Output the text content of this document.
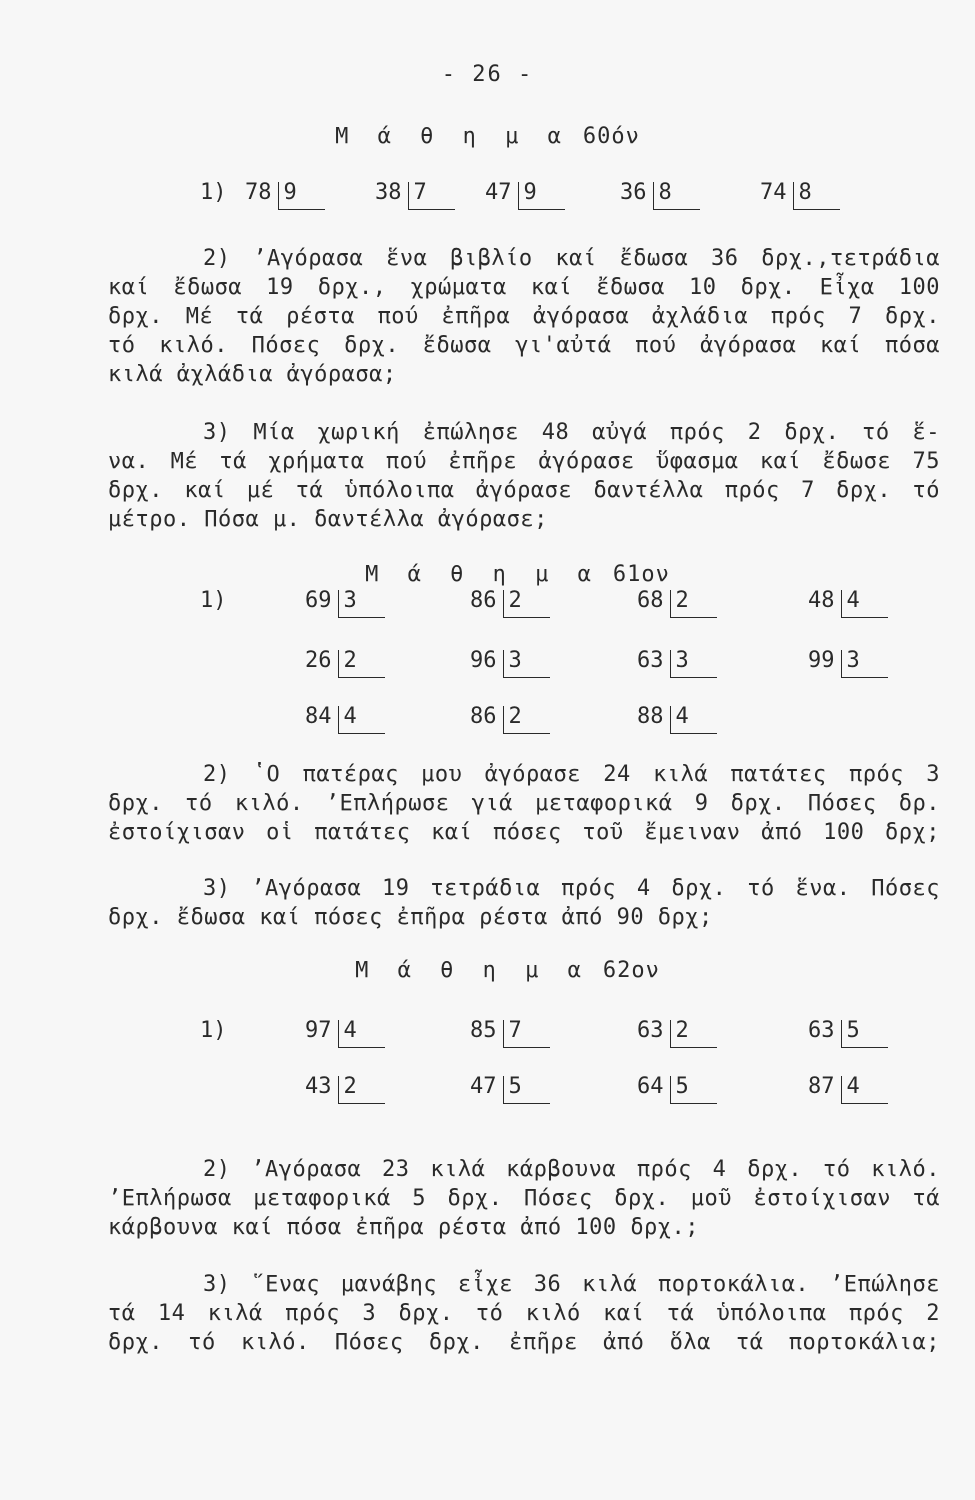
- 26 -
Μ ά θ η μ α 60όν
1) 78 9	38 7	47 9	36 8	74 8
2) ʼΑγόρασα ἕνα βιβλίο καί ἔδωσα 36 δρχ.,τετράδια
καί ἔδωσα 19 δρχ., χρώματα καί ἔδωσα 10 δρχ. Εἶχα 100
δρχ. Μέ τά ρέστα πού ἐπῆρα ἀγόρασα ἀχλάδια πρός 7 δρχ.
τό κιλό. Πόσες δρχ. ἔδωσα γι'αὐτά πού ἀγόρασα καί πόσα
κιλά ἀχλάδια ἀγόρασα;
3) Μία χωρική ἐπώλησε 48 αὐγά πρός 2 δρχ. τό ἕ-
να. Μέ τά χρήματα πού ἐπῆρε ἀγόρασε ὕφασμα καί ἔδωσε 75
δρχ. καί μέ τά ὑπόλοιπα ἀγόρασε δαντέλλα πρός 7 δρχ. τό
μέτρο. Πόσα μ. δαντέλλα ἀγόρασε;
Μ ά θ η μ α 61ον
1)	69 3	86 2	68 2	48 4
26 2	96 3	63 3	99 3
84 4	86 2	88 4
2) ʽΟ πατέρας μου ἀγόρασε 24 κιλά πατάτες πρός 3
δρχ. τό κιλό. ʼΕπλήρωσε γιά μεταφορικά 9 δρχ. Πόσες δρ.
ἐστοίχισαν οἱ πατάτες καί πόσες τοῦ ἔμειναν ἀπό 100 δρχ;
3) ʼΑγόρασα 19 τετράδια πρός 4 δρχ. τό ἕνα. Πόσες
δρχ. ἔδωσα καί πόσες ἐπῆρα ρέστα ἀπό 90 δρχ;
Μ ά θ η μ α 62ον
1)	97 4	85 7	63 2	63 5
43 2	47 5	64 5	87 4
2) ʼΑγόρασα 23 κιλά κάρβουνα πρός 4 δρχ. τό κιλό.
ʼΕπλήρωσα μεταφορικά 5 δρχ. Πόσες δρχ. μοῦ ἐστοίχισαν τά
κάρβουνα καί πόσα ἐπῆρα ρέστα ἀπό 100 δρχ.;
3) ῞Ενας μανάβης εἶχε 36 κιλά πορτοκάλια. ʼΕπώλησε
τά 14 κιλά πρός 3 δρχ. τό κιλό καί τά ὑπόλοιπα πρός 2
δρχ. τό κιλό. Πόσες δρχ. ἐπῆρε ἀπό ὅλα τά πορτοκάλια;
